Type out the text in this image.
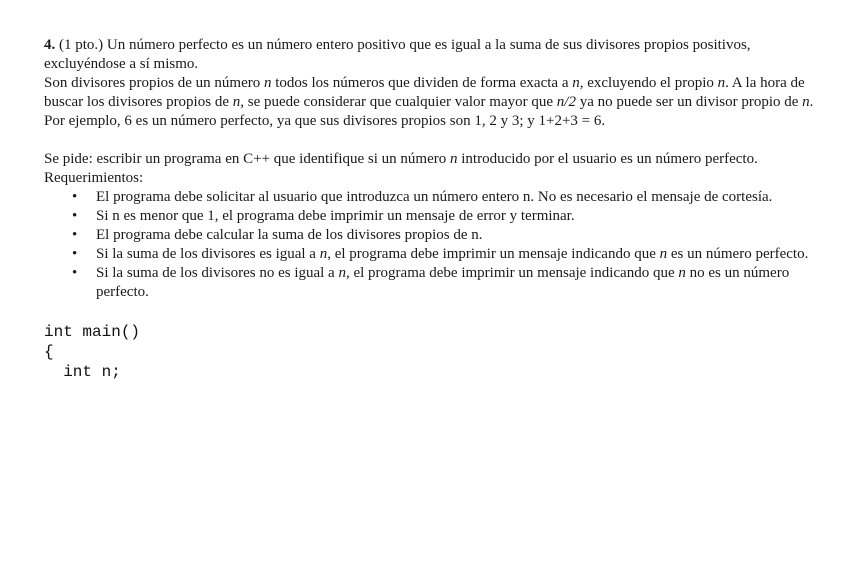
4. (1 pto.) Un número perfecto es un número entero positivo que es igual a la suma de sus divisores propios positivos, excluyéndose a sí mismo.

Son divisores propios de un número n todos los números que dividen de forma exacta a n, excluyendo el propio n. A la hora de buscar los divisores propios de n, se puede considerar que cualquier valor mayor que n/2 ya no puede ser un divisor propio de n.

Por ejemplo, 6 es un número perfecto, ya que sus divisores propios son 1, 2 y 3; y 1+2+3 = 6.

Se pide: escribir un programa en C++ que identifique si un número n introducido por el usuario es un número perfecto.

Requerimientos:

• El programa debe solicitar al usuario que introduzca un número entero n. No es necesario el mensaje de cortesía.
• Si n es menor que 1, el programa debe imprimir un mensaje de error y terminar.
• El programa debe calcular la suma de los divisores propios de n.
• Si la suma de los divisores es igual a n, el programa debe imprimir un mensaje indicando que n es un número perfecto.
• Si la suma de los divisores no es igual a n, el programa debe imprimir un mensaje indicando que n no es un número perfecto.
int main()
{
int n;
